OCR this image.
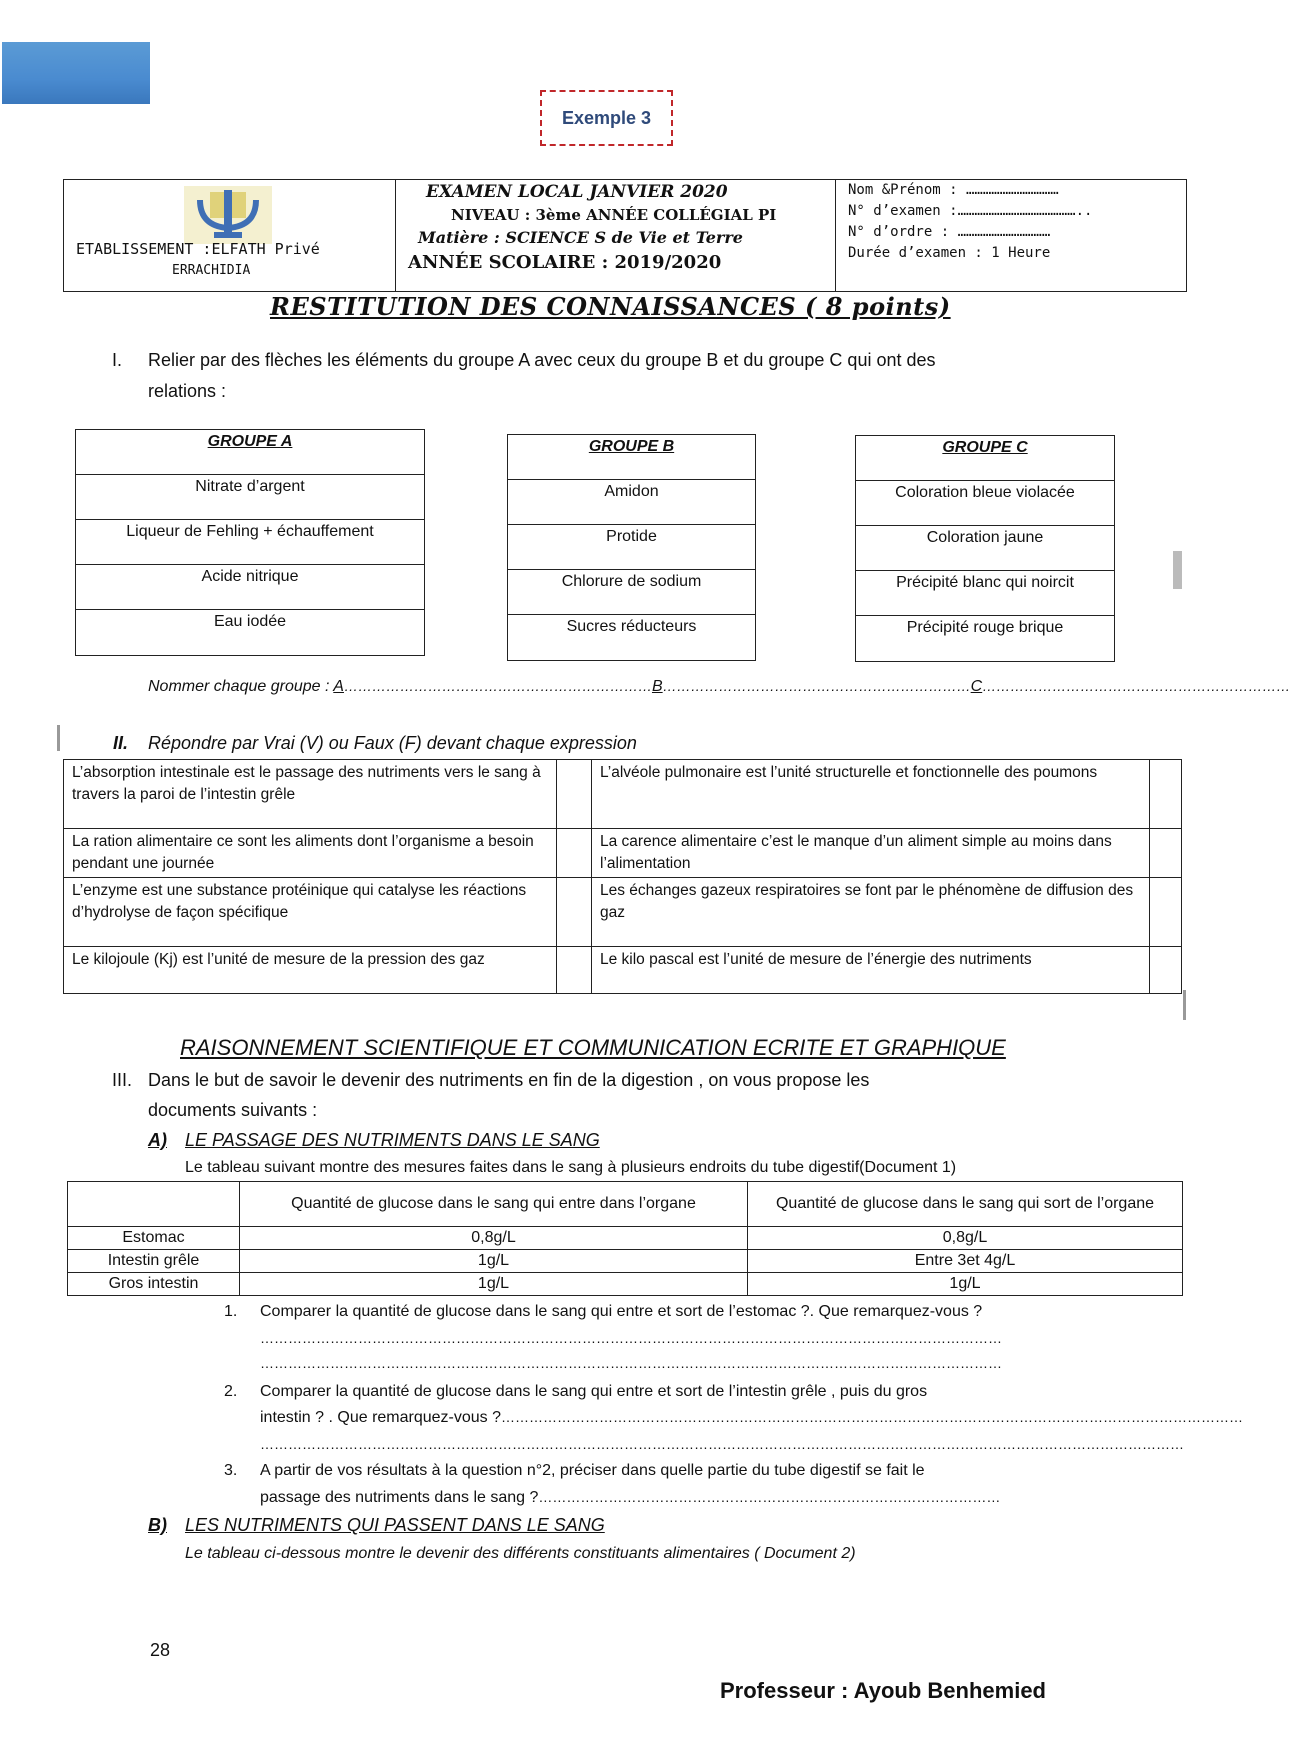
Exemple 3
ETABLISSEMENT :ELFATH Privé
ERRACHIDIA
EXAMEN LOCAL JANVIER 2020
NIVEAU : 3ème ANNÉE COLLÉGIAL PI
Matière : SCIENCE S de Vie et Terre
ANNÉE SCOLAIRE : 2019/2020
Nom &Prénom : ……………………………
N° d’examen :……………………………………..
N° d’ordre : ……………………………
Durée d’examen : 1 Heure
RESTITUTION DES CONNAISSANCES ( 8 points)
I. Relier par des flèches les éléments du groupe A avec ceux du groupe B et du groupe C qui ont des
relations :
GROUPE A
Nitrate d’argent
Liqueur de Fehling + échauffement
Acide nitrique
Eau iodée
GROUPE B
Amidon
Protide
Chlorure de sodium
Sucres réducteurs
GROUPE C
Coloration bleue violacée
Coloration jaune
Précipité blanc qui noircit
Précipité rouge brique
Nommer chaque groupe : A…………………………………………………………B…………………………………………………………C…………………………………………………………
II. Répondre par Vrai (V) ou Faux (F) devant chaque expression
L’absorption intestinale est le passage des nutriments vers le sang à travers la paroi de l’intestin grêle		L’alvéole pulmonaire est l’unité structurelle et fonctionnelle des poumons	
La ration alimentaire ce sont les aliments dont l’organisme a besoin pendant une journée		La carence alimentaire c’est le manque d’un aliment simple au moins dans l’alimentation	
L’enzyme est une substance protéinique qui catalyse les réactions d’hydrolyse de façon spécifique		Les échanges gazeux respiratoires se font par le phénomène de diffusion des gaz	
Le kilojoule (Kj) est l’unité de mesure de la pression des gaz		Le kilo pascal est l’unité de mesure de l’énergie des nutriments	
RAISONNEMENT SCIENTIFIQUE ET COMMUNICATION ECRITE ET GRAPHIQUE
III. Dans le but de savoir le devenir des nutriments en fin de la digestion , on vous propose les
documents suivants :
A) LE PASSAGE DES NUTRIMENTS DANS LE SANG
Le tableau suivant montre des mesures faites dans le sang à plusieurs endroits du tube digestif(Document 1)
	Quantité de glucose dans le sang qui entre dans l’organe	Quantité de glucose dans le sang qui sort de l’organe
Estomac	0,8g/L	0,8g/L
Intestin grêle	1g/L	Entre 3et 4g/L
Gros intestin	1g/L	1g/L
1. Comparer la quantité de glucose dans le sang qui entre et sort de l’estomac ?. Que remarquez-vous ?
……………………………………………………………………………………………………………………………………………
……………………………………………………………………………………………………………………………………………
2. Comparer la quantité de glucose dans le sang qui entre et sort de l’intestin grêle , puis du gros
intestin ? . Que remarquez-vous ?……………………………………………………………………………………………………………………………………………
………………………………………………………………………………………………………………………………………………………………………………
3. A partir de vos résultats à la question n°2, préciser dans quelle partie du tube digestif se fait le
passage des nutriments dans le sang ?………………………………………………………………………………………
B) LES NUTRIMENTS QUI PASSENT DANS LE SANG
Le tableau ci-dessous montre le devenir des différents constituants alimentaires ( Document 2)
28
Professeur : Ayoub Benhemied
